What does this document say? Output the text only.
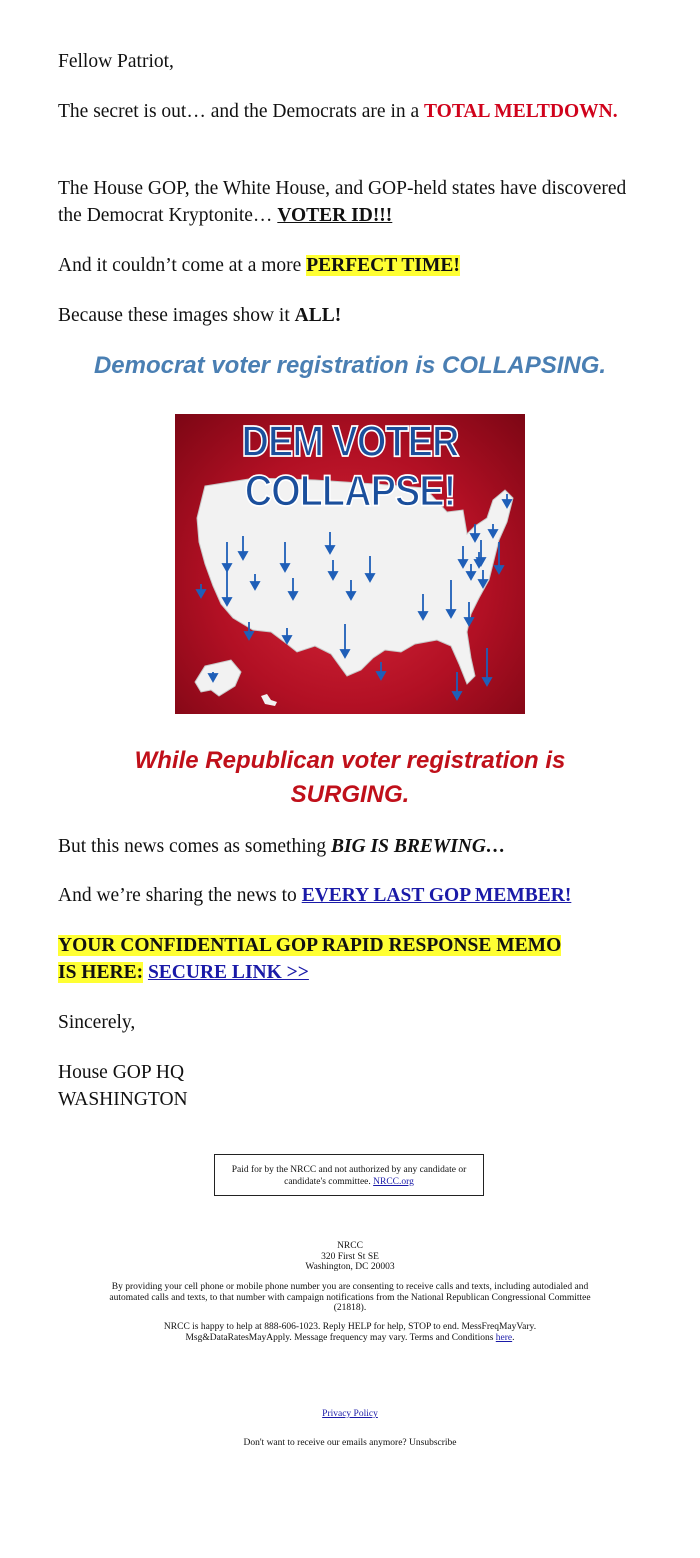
Fellow Patriot,
The secret is out… and the Democrats are in a TOTAL MELTDOWN.
The House GOP, the White House, and GOP-held states have discovered the Democrat Kryptonite… VOTER ID!!!
And it couldn’t come at a more PERFECT TIME!
Because these images show it ALL!
Democrat voter registration is COLLAPSING.
DEM VOTER COLLAPSE!
While Republican voter registration is SURGING.
But this news comes as something BIG IS BREWING…
And we’re sharing the news to EVERY LAST GOP MEMBER!
YOUR CONFIDENTIAL GOP RAPID RESPONSE MEMO
IS HERE: SECURE LINK >>
Sincerely,
House GOP HQ
WASHINGTON
Paid for by the NRCC and not authorized by any candidate or candidate's committee. NRCC.org
NRCC
320 First St SE
Washington, DC 20003
By providing your cell phone or mobile phone number you are consenting to receive calls and texts, including autodialed and automated calls and texts, to that number with campaign notifications from the National Republican Congressional Committee (21818).
NRCC is happy to help at 888-606-1023. Reply HELP for help, STOP to end. MessFreqMayVary. Msg&DataRatesMayApply. Message frequency may vary. Terms and Conditions here.
Privacy Policy
Don't want to receive our emails anymore? Unsubscribe
